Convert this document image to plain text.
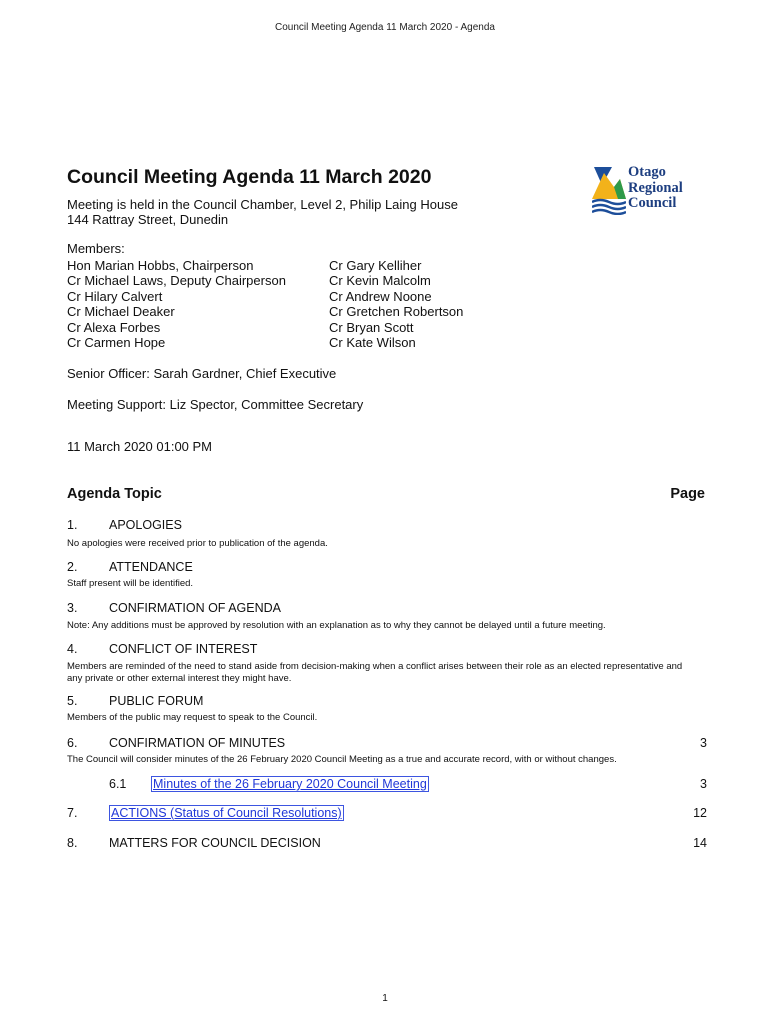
Council Meeting Agenda 11 March 2020 - Agenda
Council Meeting Agenda 11 March 2020	Otago
Regional
Council
Meeting is held in the Council Chamber, Level 2, Philip Laing House
144 Rattray Street, Dunedin
Members:
Hon Marian Hobbs, Chairperson
Cr Michael Laws, Deputy Chairperson
Cr Hilary Calvert
Cr Michael Deaker
Cr Alexa Forbes
Cr Carmen Hope
Cr Gary Kelliher
Cr Kevin Malcolm
Cr Andrew Noone
Cr Gretchen Robertson
Cr Bryan Scott
Cr Kate Wilson
Senior Officer: Sarah Gardner, Chief Executive
Meeting Support: Liz Spector, Committee Secretary
11 March 2020 01:00 PM
Agenda Topic	Page
1.	APOLOGIES
No apologies were received prior to publication of the agenda.
2.	ATTENDANCE
Staff present will be identified.
3.	CONFIRMATION OF AGENDA
Note: Any additions must be approved by resolution with an explanation as to why they cannot be delayed until a future meeting.
4.	CONFLICT OF INTEREST
Members are reminded of the need to stand aside from decision-making when a conflict arises between their role as an elected representative and any private or other external interest they might have.
5.	PUBLIC FORUM
Members of the public may request to speak to the Council.
6.	CONFIRMATION OF MINUTES	3
The Council will consider minutes of the 26 February 2020 Council Meeting as a true and accurate record, with or without changes.
6.1 Minutes of the 26 February 2020 Council Meeting	3
7.	ACTIONS (Status of Council Resolutions)	12
8.	MATTERS FOR COUNCIL DECISION	14
1
